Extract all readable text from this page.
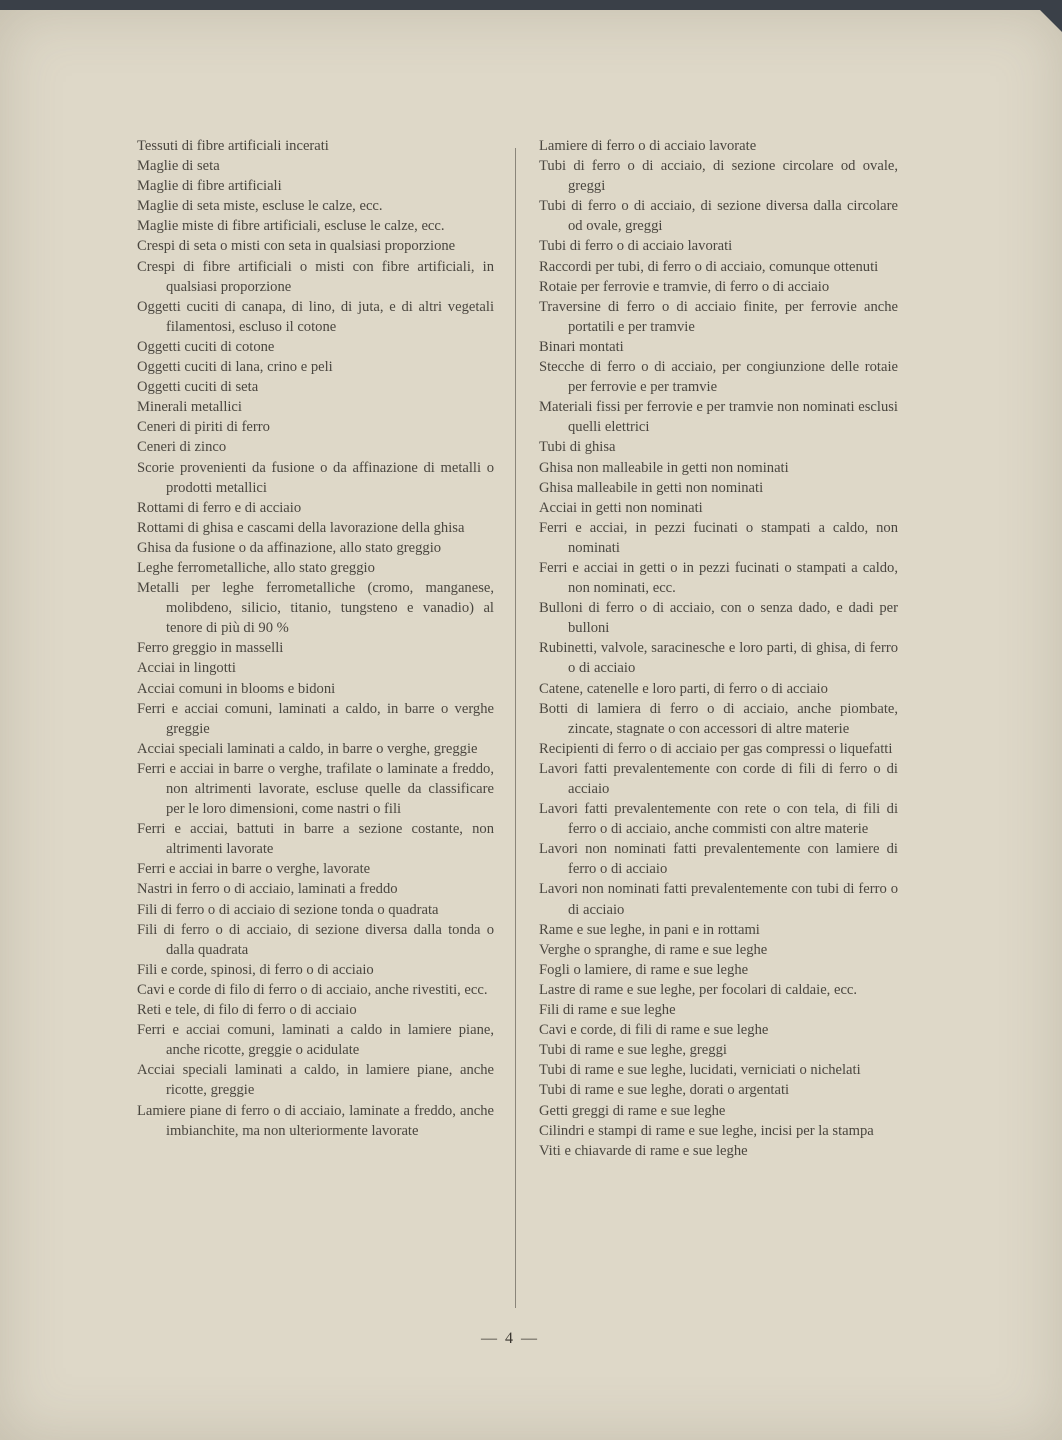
Tessuti di fibre artificiali incerati

Maglie di seta

Maglie di fibre artificiali

Maglie di seta miste, escluse le calze, ecc.

Maglie miste di fibre artificiali, escluse le calze, ecc.

Crespi di seta o misti con seta in qualsiasi proporzione

Crespi di fibre artificiali o misti con fibre artificiali, in qualsiasi proporzione

Oggetti cuciti di canapa, di lino, di juta, e di altri vegetali filamentosi, escluso il cotone

Oggetti cuciti di cotone

Oggetti cuciti di lana, crino e peli

Oggetti cuciti di seta

Minerali metallici

Ceneri di piriti di ferro

Ceneri di zinco

Scorie provenienti da fusione o da affinazione di metalli o prodotti metallici

Rottami di ferro e di acciaio

Rottami di ghisa e cascami della lavorazione della ghisa

Ghisa da fusione o da affinazione, allo stato greggio

Leghe ferrometalliche, allo stato greggio

Metalli per leghe ferrometalliche (cromo, manganese, molibdeno, silicio, titanio, tungsteno e vanadio) al tenore di più di 90 %

Ferro greggio in masselli

Acciai in lingotti

Acciai comuni in blooms e bidoni

Ferri e acciai comuni, laminati a caldo, in barre o verghe greggie

Acciai speciali laminati a caldo, in barre o verghe, greggie

Ferri e acciai in barre o verghe, trafilate o laminate a freddo, non altrimenti lavorate, escluse quelle da classificare per le loro dimensioni, come nastri o fili

Ferri e acciai, battuti in barre a sezione costante, non altrimenti lavorate

Ferri e acciai in barre o verghe, lavorate

Nastri in ferro o di acciaio, laminati a freddo

Fili di ferro o di acciaio di sezione tonda o quadrata

Fili di ferro o di acciaio, di sezione diversa dalla tonda o dalla quadrata

Fili e corde, spinosi, di ferro o di acciaio

Cavi e corde di filo di ferro o di acciaio, anche rivestiti, ecc.

Reti e tele, di filo di ferro o di acciaio

Ferri e acciai comuni, laminati a caldo in lamiere piane, anche ricotte, greggie o acidulate

Acciai speciali laminati a caldo, in lamiere piane, anche ricotte, greggie

Lamiere piane di ferro o di acciaio, laminate a freddo, anche imbianchite, ma non ulteriormente lavorate

Lamiere di ferro o di acciaio lavorate

Tubi di ferro o di acciaio, di sezione circolare od ovale, greggi

Tubi di ferro o di acciaio, di sezione diversa dalla circolare od ovale, greggi

Tubi di ferro o di acciaio lavorati

Raccordi per tubi, di ferro o di acciaio, comunque ottenuti

Rotaie per ferrovie e tramvie, di ferro o di acciaio

Traversine di ferro o di acciaio finite, per ferrovie anche portatili e per tramvie

Binari montati

Stecche di ferro o di acciaio, per congiunzione delle rotaie per ferrovie e per tramvie

Materiali fissi per ferrovie e per tramvie non nominati esclusi quelli elettrici

Tubi di ghisa

Ghisa non malleabile in getti non nominati

Ghisa malleabile in getti non nominati

Acciai in getti non nominati

Ferri e acciai, in pezzi fucinati o stampati a caldo, non nominati

Ferri e acciai in getti o in pezzi fucinati o stampati a caldo, non nominati, ecc.

Bulloni di ferro o di acciaio, con o senza dado, e dadi per bulloni

Rubinetti, valvole, saracinesche e loro parti, di ghisa, di ferro o di acciaio

Catene, catenelle e loro parti, di ferro o di acciaio

Botti di lamiera di ferro o di acciaio, anche piombate, zincate, stagnate o con accessori di altre materie

Recipienti di ferro o di acciaio per gas compressi o liquefatti

Lavori fatti prevalentemente con corde di fili di ferro o di acciaio

Lavori fatti prevalentemente con rete o con tela, di fili di ferro o di acciaio, anche commisti con altre materie

Lavori non nominati fatti prevalentemente con lamiere di ferro o di acciaio

Lavori non nominati fatti prevalentemente con tubi di ferro o di acciaio

Rame e sue leghe, in pani e in rottami

Verghe o spranghe, di rame e sue leghe

Fogli o lamiere, di rame e sue leghe

Lastre di rame e sue leghe, per focolari di caldaie, ecc.

Fili di rame e sue leghe

Cavi e corde, di fili di rame e sue leghe

Tubi di rame e sue leghe, greggi

Tubi di rame e sue leghe, lucidati, verniciati o nichelati

Tubi di rame e sue leghe, dorati o argentati

Getti greggi di rame e sue leghe

Cilindri e stampi di rame e sue leghe, incisi per la stampa

Viti e chiavarde di rame e sue leghe

— 4 —
